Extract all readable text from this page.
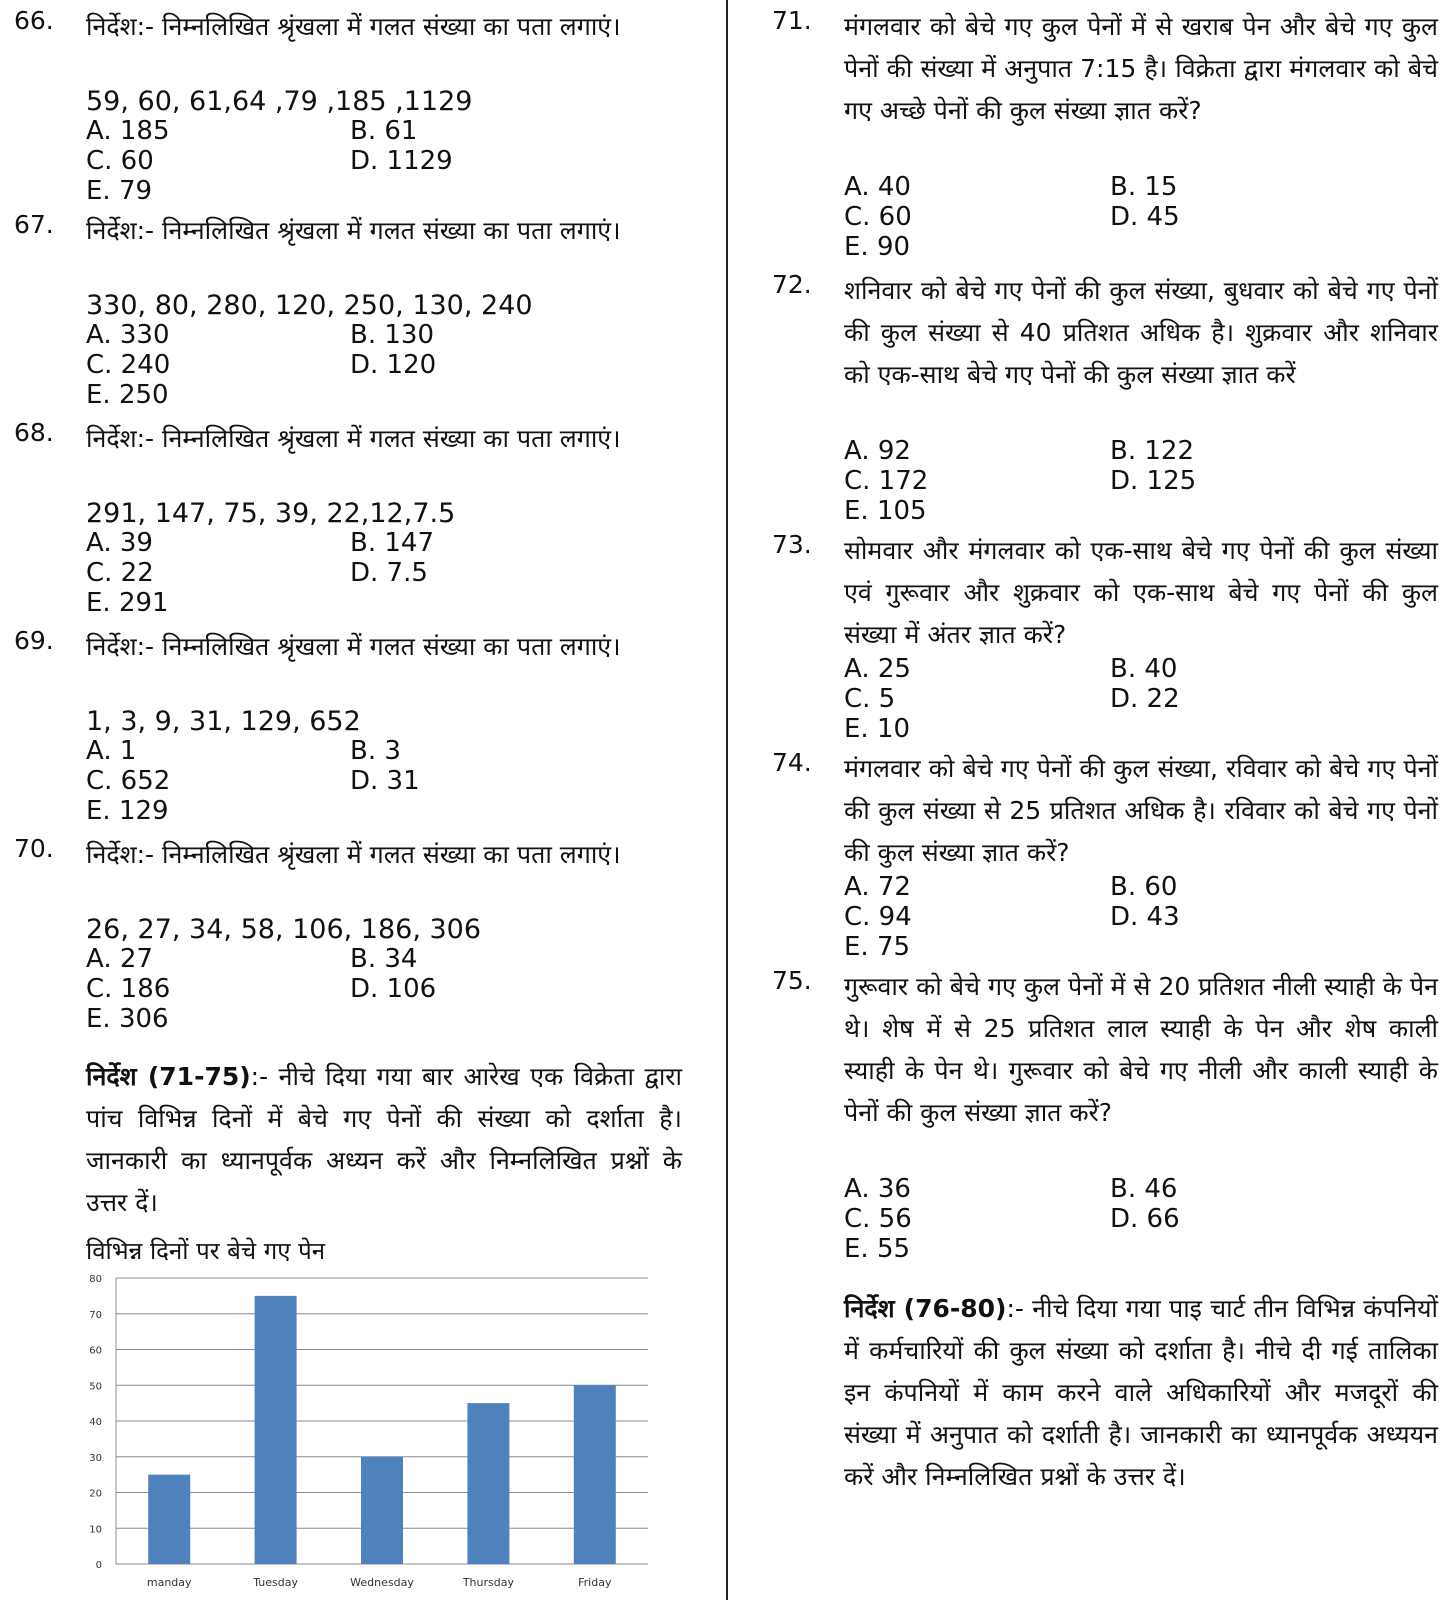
66. निर्देश:- निम्नलिखित श्रृंखला में गलत संख्या का पता लगाएं।
59, 60, 61,64 ,79 ,185 ,1129
A. 185	B. 61
C. 60	D. 1129
E. 79
67. निर्देश:- निम्नलिखित श्रृंखला में गलत संख्या का पता लगाएं।
330, 80, 280, 120, 250, 130, 240
A. 330	B. 130
C. 240	D. 120
E. 250
68. निर्देश:- निम्नलिखित श्रृंखला में गलत संख्या का पता लगाएं।
291, 147, 75, 39, 22,12,7.5
A. 39	B. 147
C. 22	D. 7.5
E. 291
69. निर्देश:- निम्नलिखित श्रृंखला में गलत संख्या का पता लगाएं।
1, 3, 9, 31, 129, 652
A. 1	B. 3
C. 652	D. 31
E. 129
70. निर्देश:- निम्नलिखित श्रृंखला में गलत संख्या का पता लगाएं।
26, 27, 34, 58, 106, 186, 306
A. 27	B. 34
C. 186	D. 106
E. 306
निर्देश (71-75):- नीचे दिया गया बार आरेख एक विक्रेता द्वारा पांच विभिन्न दिनों में बेचे गए पेनों की संख्या को दर्शाता है। जानकारी का ध्यानपूर्वक अध्यन करें और निम्नलिखित प्रश्नों के उत्तर दें।
विभिन्न दिनों पर बेचे गए पेन
0
10
20
30
40
50
60
70
80
manday	Tuesday	Wednesday	Thursday	Friday
71. मंगलवार को बेचे गए कुल पेनों में से खराब पेन और बेचे गए कुल पेनों की संख्या में अनुपात 7:15 है। विक्रेता द्वारा मंगलवार को बेचे गए अच्छे पेनों की कुल संख्या ज्ञात करें?
A. 40	B. 15
C. 60	D. 45
E. 90
72. शनिवार को बेचे गए पेनों की कुल संख्या, बुधवार को बेचे गए पेनों की कुल संख्या से 40 प्रतिशत अधिक है। शुक्रवार और शनिवार को एक-साथ बेचे गए पेनों की कुल संख्या ज्ञात करें
A. 92	B. 122
C. 172	D. 125
E. 105
73. सोमवार और मंगलवार को एक-साथ बेचे गए पेनों की कुल संख्या एवं गुरूवार और शुक्रवार को एक-साथ बेचे गए पेनों की कुल संख्या में अंतर ज्ञात करें?
A. 25	B. 40
C. 5	D. 22
E. 10
74. मंगलवार को बेचे गए पेनों की कुल संख्या, रविवार को बेचे गए पेनों की कुल संख्या से 25 प्रतिशत अधिक है। रविवार को बेचे गए पेनों की कुल संख्या ज्ञात करें?
A. 72	B. 60
C. 94	D. 43
E. 75
75. गुरूवार को बेचे गए कुल पेनों में से 20 प्रतिशत नीली स्याही के पेन थे। शेष में से 25 प्रतिशत लाल स्याही के पेन और शेष काली स्याही के पेन थे। गुरूवार को बेचे गए नीली और काली स्याही के पेनों की कुल संख्या ज्ञात करें?
A. 36	B. 46
C. 56	D. 66
E. 55
निर्देश (76-80):- नीचे दिया गया पाइ चार्ट तीन विभिन्न कंपनियों में कर्मचारियों की कुल संख्या को दर्शाता है। नीचे दी गई तालिका इन कंपनियों में काम करने वाले अधिकारियों और मजदूरों की संख्या में अनुपात को दर्शाती है। जानकारी का ध्यानपूर्वक अध्ययन करें और निम्नलिखित प्रश्नों के उत्तर दें।
